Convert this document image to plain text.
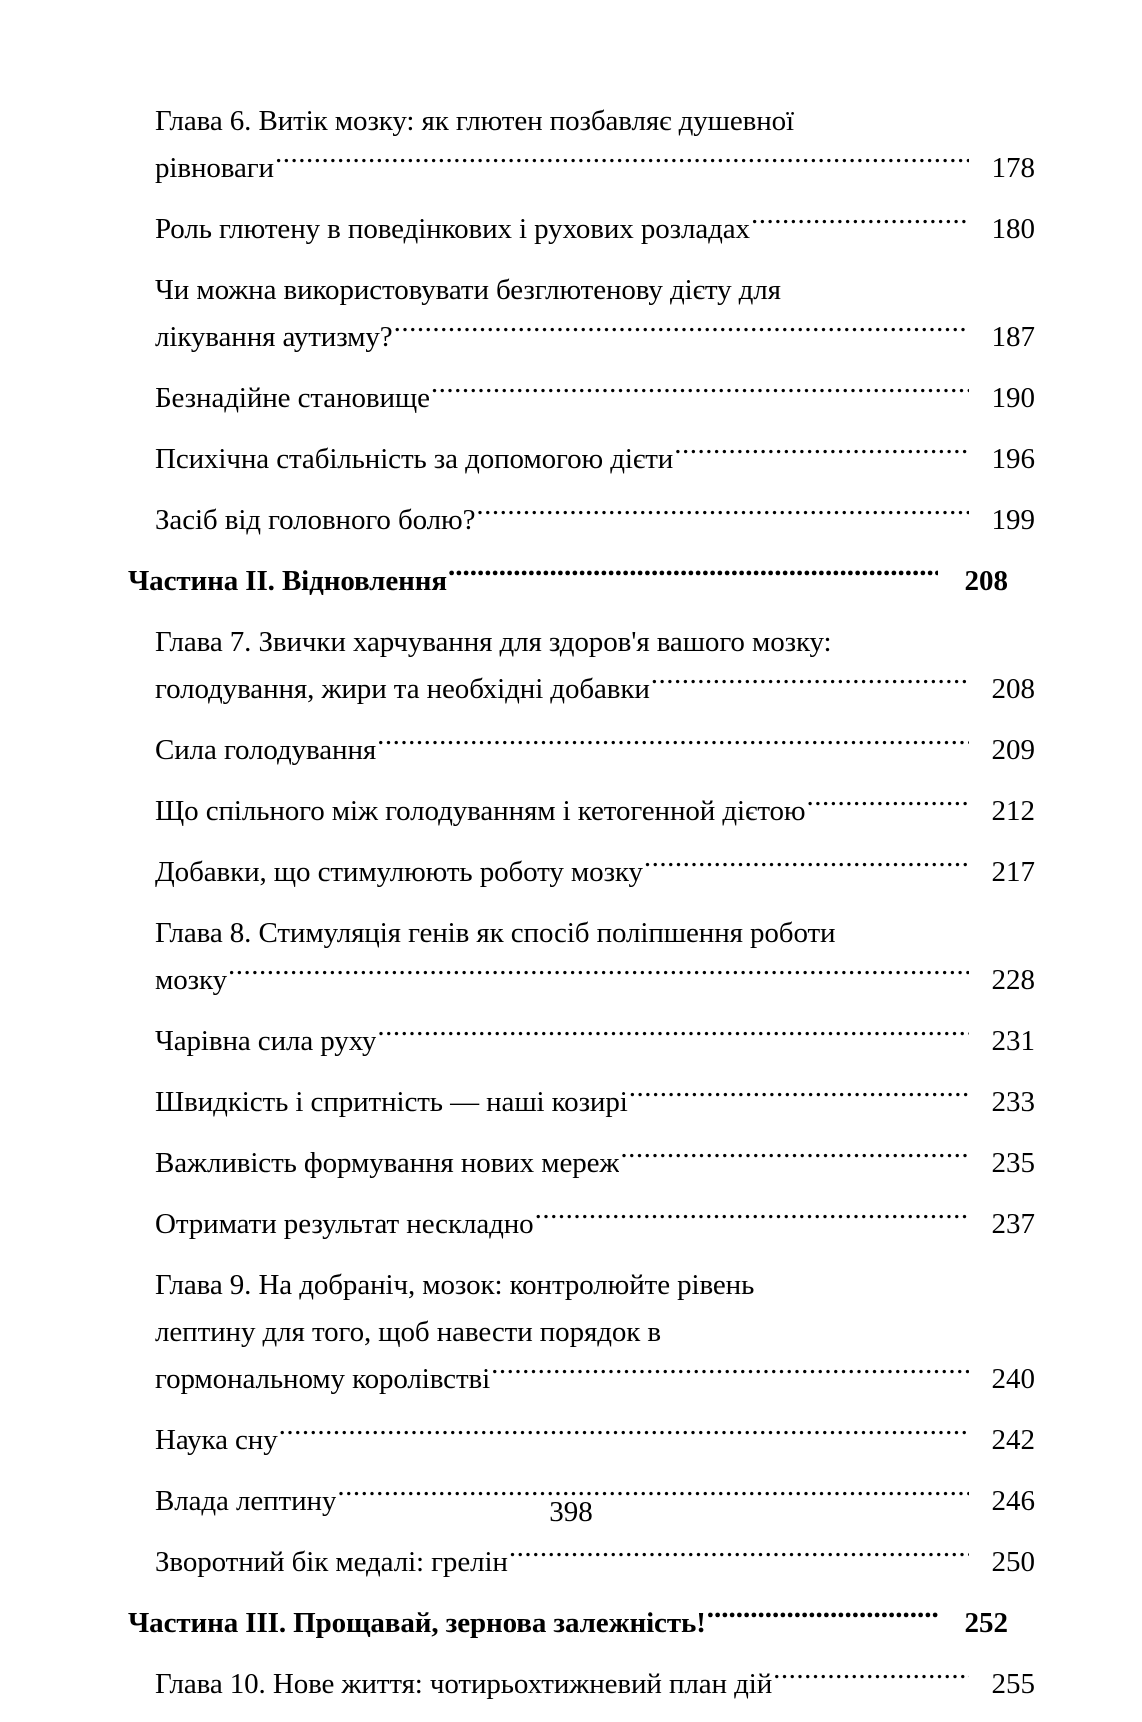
Глава 6. Витік мозку: як глютен позбавляє душевної
рівноваги .....	178
Роль глютену в поведінкових і рухових розладах .....	180
Чи можна використовувати безглютенову дієту для
лікування аутизму? .....	187
Безнадійне становище .....	190
Психічна стабільність за допомогою дієти .....	196
Засіб від головного болю? .....	199
Частина II. Відновлення .....	208
Глава 7. Звички харчування для здоров'я вашого мозку:
голодування, жири та необхідні добавки .....	208
Сила голодування .....	209
Що спільного між голодуванням і кетогенной дієтою .....	212
Добавки, що стимулюють роботу мозку .....	217
Глава 8. Стимуляція генів як спосіб поліпшення роботи
мозку .....	228
Чарівна сила руху .....	231
Швидкість і спритність — наші козирі .....	233
Важливість формування нових мереж .....	235
Отримати результат нескладно .....	237
Глава 9. На добраніч, мозок: контролюйте рівень
лептину для того, щоб навести порядок в
гормональному королівстві .....	240
Наука сну .....	242
Влада лептину .....	246
Зворотний бік медалі: грелін .....	250
Частина III. Прощавай, зернова залежність! .....	252
Глава 10. Нове життя: чотирьохтижневий план дій .....	255
398
